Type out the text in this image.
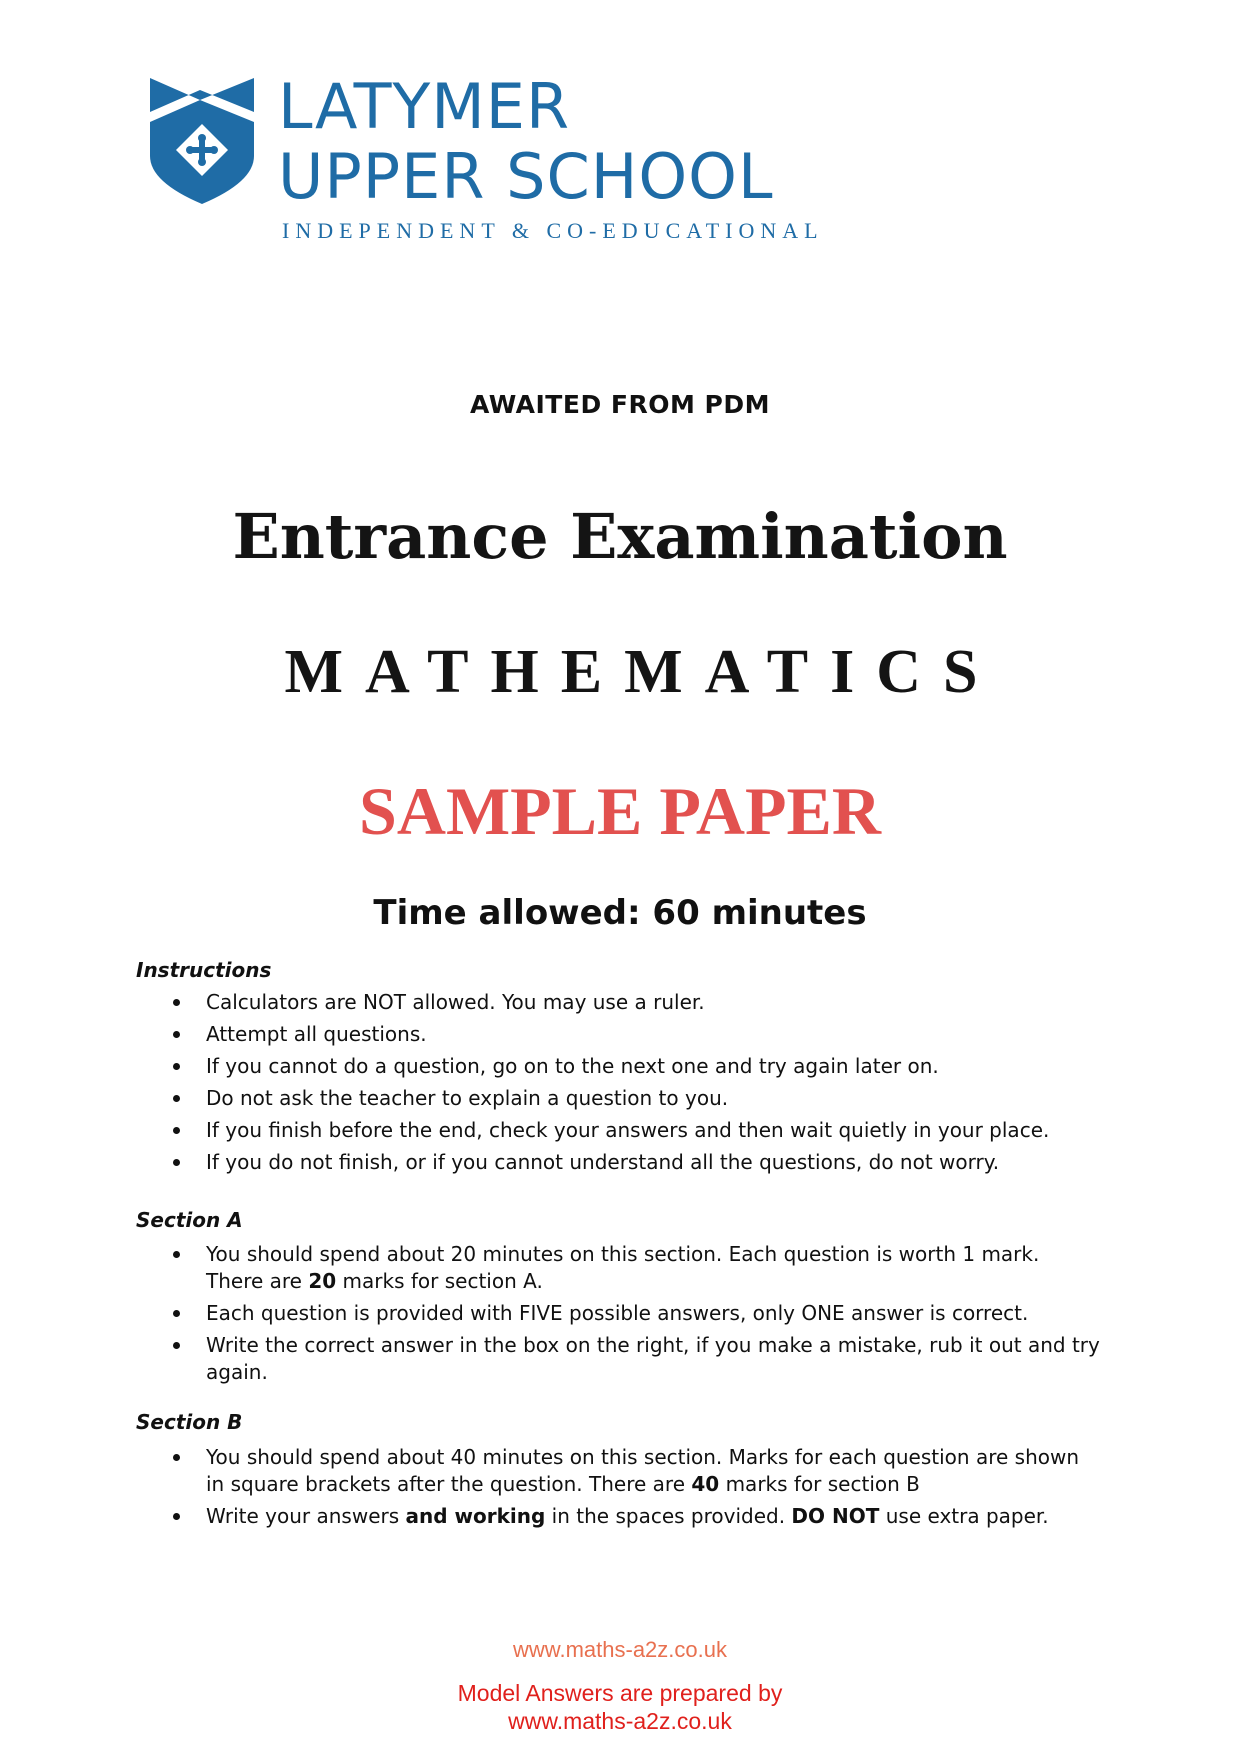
LATYMER
UPPER SCHOOL
INDEPENDENT & CO-EDUCATIONAL
AWAITED FROM PDM
Entrance Examination
MATHEMATICS
SAMPLE PAPER
Time allowed: 60 minutes
Instructions
Calculators are NOT allowed. You may use a ruler.
Attempt all questions.
If you cannot do a question, go on to the next one and try again later on.
Do not ask the teacher to explain a question to you.
If you finish before the end, check your answers and then wait quietly in your place.
If you do not finish, or if you cannot understand all the questions, do not worry.
Section A
You should spend about 20 minutes on this section. Each question is worth 1 mark. There are 20 marks for section A.
Each question is provided with FIVE possible answers, only ONE answer is correct.
Write the correct answer in the box on the right, if you make a mistake, rub it out and try again.
Section B
You should spend about 40 minutes on this section. Marks for each question are shown in square brackets after the question. There are 40 marks for section B
Write your answers and working in the spaces provided. DO NOT use extra paper.
www.maths-a2z.co.uk
Model Answers are prepared by
www.maths-a2z.co.uk
